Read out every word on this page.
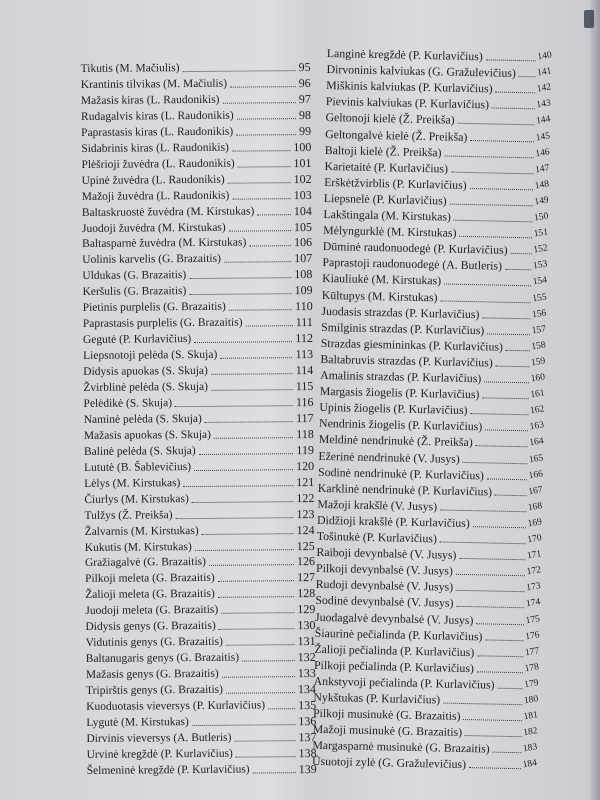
Tikutis (M. Mačiulis)	95
Krantinis tilvikas (M. Mačiulis)	96
Mažasis kiras (L. Raudonikis)	97
Rudagalvis kiras (L. Raudonikis)	98
Paprastasis kiras (L. Raudonikis)	99
Sidabrinis kiras (L. Raudonikis)	100
Plėšrioji žuvėdra (L. Raudonikis)	101
Upinė žuvėdra (L. Raudonikis)	102
Mažoji žuvėdra (L. Raudonikis)	103
Baltaskruostė žuvėdra (M. Kirstukas)	104
Juodoji žuvėdra (M. Kirstukas)	105
Baltasparnė žuvėdra (M. Kirstukas)	106
Uolinis karvelis (G. Brazaitis)	107
Uldukas (G. Brazaitis)	108
Keršulis (G. Brazaitis)	109
Pietinis purplelis (G. Brazaitis)	110
Paprastasis purplelis (G. Brazaitis)	111
Gegutė (P. Kurlavičius)	112
Liepsnotoji pelėda (S. Skuja)	113
Didysis apuokas (S. Skuja)	114
Žvirblinė pelėda (S. Skuja)	115
Pelėdikė (S. Skuja)	116
Naminė pelėda (S. Skuja)	117
Mažasis apuokas (S. Skuja)	118
Balinė pelėda (S. Skuja)	119
Lututė (B. Šablevičius)	120
Lėlys (M. Kirstukas)	121
Čiurlys (M. Kirstukas)	122
Tulžys (Ž. Preikša)	123
Žalvarnis (M. Kirstukas)	124
Kukutis (M. Kirstukas)	125
Gražiagalvė (G. Brazaitis)	126
Pilkoji meleta (G. Brazaitis)	127
Žalioji meleta (G. Brazaitis)	128
Juodoji meleta (G. Brazaitis)	129
Didysis genys (G. Brazaitis)	130
Vidutinis genys (G. Brazaitis)	131
Baltanugaris genys (G. Brazaitis)	132
Mažasis genys (G. Brazaitis)	133
Tripirštis genys (G. Brazaitis)	134
Kuoduotasis vieversys (P. Kurlavičius)	135
Lygutė (M. Kirstukas)	136
Dirvinis vieversys (A. Butleris)	137
Urvinė kregždė (P. Kurlavičius)	138
Šelmeninė kregždė (P. Kurlavičius)	139
Langinė kregždė (P. Kurlavičius)	140
Dirvoninis kalviukas (G. Gražulevičius) 141
Miškinis kalviukas (P. Kurlavičius)	142
Pievinis kalviukas (P. Kurlavičius)	143
Geltonoji kielė (Ž. Preikša)	144
Geltongalvė kielė (Ž. Preikša)	145
Baltoji kielė (Ž. Preikša)	146
Karietaitė (P. Kurlavičius)	147
Erškėtžvirblis (P. Kurlavičius)	148
Liepsnelė (P. Kurlavičius)	149
Lakštingala (M. Kirstukas)	150
Mėlyngurklė (M. Kirstukas)	151
Dūminė raudonuodegė (P. Kurlavičius)	152
Paprastoji raudonuodegė (A. Butleris)	153
Kiauliukė (M. Kirstukas)	154
Kūltupys (M. Kirstukas)	155
Juodasis strazdas (P. Kurlavičius)	156
Smilginis strazdas (P. Kurlavičius)	157
Strazdas giesmininkas (P. Kurlavičius)	158
Baltabruvis strazdas (P. Kurlavičius)	159
Amalinis strazdas (P. Kurlavičius)	160
Margasis žiogelis (P. Kurlavičius)	161
Upinis žiogelis (P. Kurlavičius)	162
Nendrinis žiogelis (P. Kurlavičius)	163
Meldinė nendrinukė (Ž. Preikša)	164
Ežerinė nendrinukė (V. Jusys)	165
Sodinė nendrinukė (P. Kurlavičius)	166
Karklinė nendrinukė (P. Kurlavičius)	167
Mažoji krakšlė (V. Jusys)	168
Didžioji krakšlė (P. Kurlavičius)	169
Tošinukė (P. Kurlavičius)	170
Raiboji devynbalsė (V. Jusys)	171
Pilkoji devynbalsė (V. Jusys)	172
Rudoji devynbalsė (V. Jusys)	173
Sodinė devynbalsė (V. Jusys)	174
Juodagalvė devynbalsė (V. Jusys)	175
Šiaurinė pečialinda (P. Kurlavičius)	176
Žalioji pečialinda (P. Kurlavičius)	177
Pilkoji pečialinda (P. Kurlavičius)	178
Ankstyvoji pečialinda (P. Kurlavičius)	179
Nykštukas (P. Kurlavičius)	180
Pilkoji musinukė (G. Brazaitis)	181
Mažoji musinukė (G. Brazaitis)	182
Margasparnė musinukė (G. Brazaitis)	183
Ūsuotoji zylė (G. Gražulevičius)	184
